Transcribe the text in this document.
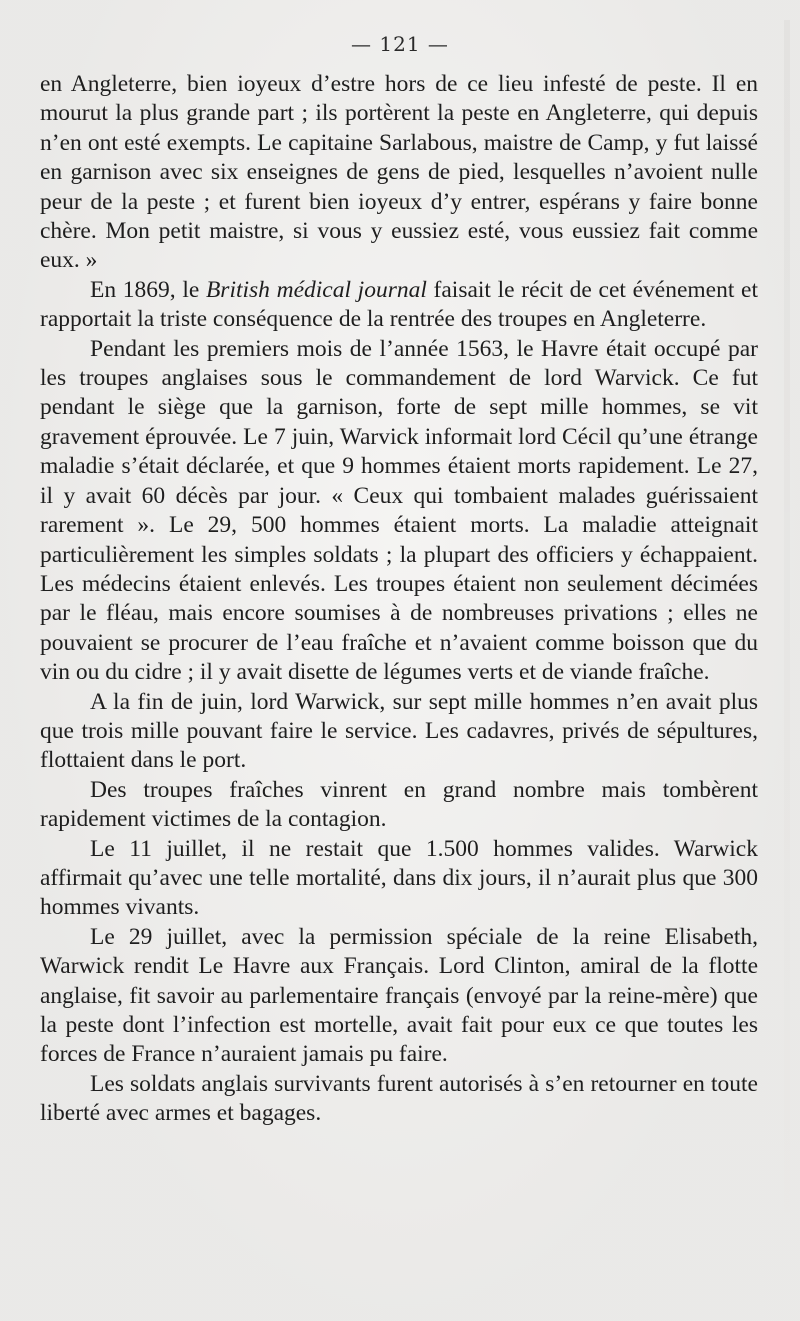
— 121 —

en Angleterre, bien ioyeux d’estre hors de ce lieu infesté de peste. Il en mourut la plus grande part ; ils portèrent la peste en Angleterre, qui depuis n’en ont esté exempts. Le capitaine Sarlabous, maistre de Camp, y fut laissé en garnison avec six enseignes de gens de pied, lesquelles n’avoient nulle peur de la peste ; et furent bien ioyeux d’y entrer, espérans y faire bonne chère. Mon petit maistre, si vous y eussiez esté, vous eussiez fait comme eux. »

En 1869, le British médical journal faisait le récit de cet événement et rapportait la triste conséquence de la rentrée des troupes en Angleterre.

Pendant les premiers mois de l’année 1563, le Havre était occupé par les troupes anglaises sous le commandement de lord Warvick. Ce fut pendant le siège que la garnison, forte de sept mille hommes, se vit gravement éprouvée. Le 7 juin, Warvick informait lord Cécil qu’une étrange maladie s’était déclarée, et que 9 hommes étaient morts rapidement. Le 27, il y avait 60 décès par jour. « Ceux qui tombaient malades guérissaient rarement ». Le 29, 500 hommes étaient morts. La maladie atteignait particulièrement les simples soldats ; la plupart des officiers y échappaient. Les médecins étaient enlevés. Les troupes étaient non seulement décimées par le fléau, mais encore soumises à de nombreuses privations ; elles ne pouvaient se procurer de l’eau fraîche et n’avaient comme boisson que du vin ou du cidre ; il y avait disette de légumes verts et de viande fraîche.

A la fin de juin, lord Warwick, sur sept mille hommes n’en avait plus que trois mille pouvant faire le service. Les cadavres, privés de sépultures, flottaient dans le port.

Des troupes fraîches vinrent en grand nombre mais tombèrent rapidement victimes de la contagion.

Le 11 juillet, il ne restait que 1.500 hommes valides. Warwick affirmait qu’avec une telle mortalité, dans dix jours, il n’aurait plus que 300 hommes vivants.

Le 29 juillet, avec la permission spéciale de la reine Elisabeth, Warwick rendit Le Havre aux Français. Lord Clinton, amiral de la flotte anglaise, fit savoir au parlementaire français (envoyé par la reine-mère) que la peste dont l’infection est mortelle, avait fait pour eux ce que toutes les forces de France n’auraient jamais pu faire.

Les soldats anglais survivants furent autorisés à s’en retourner en toute liberté avec armes et bagages.
